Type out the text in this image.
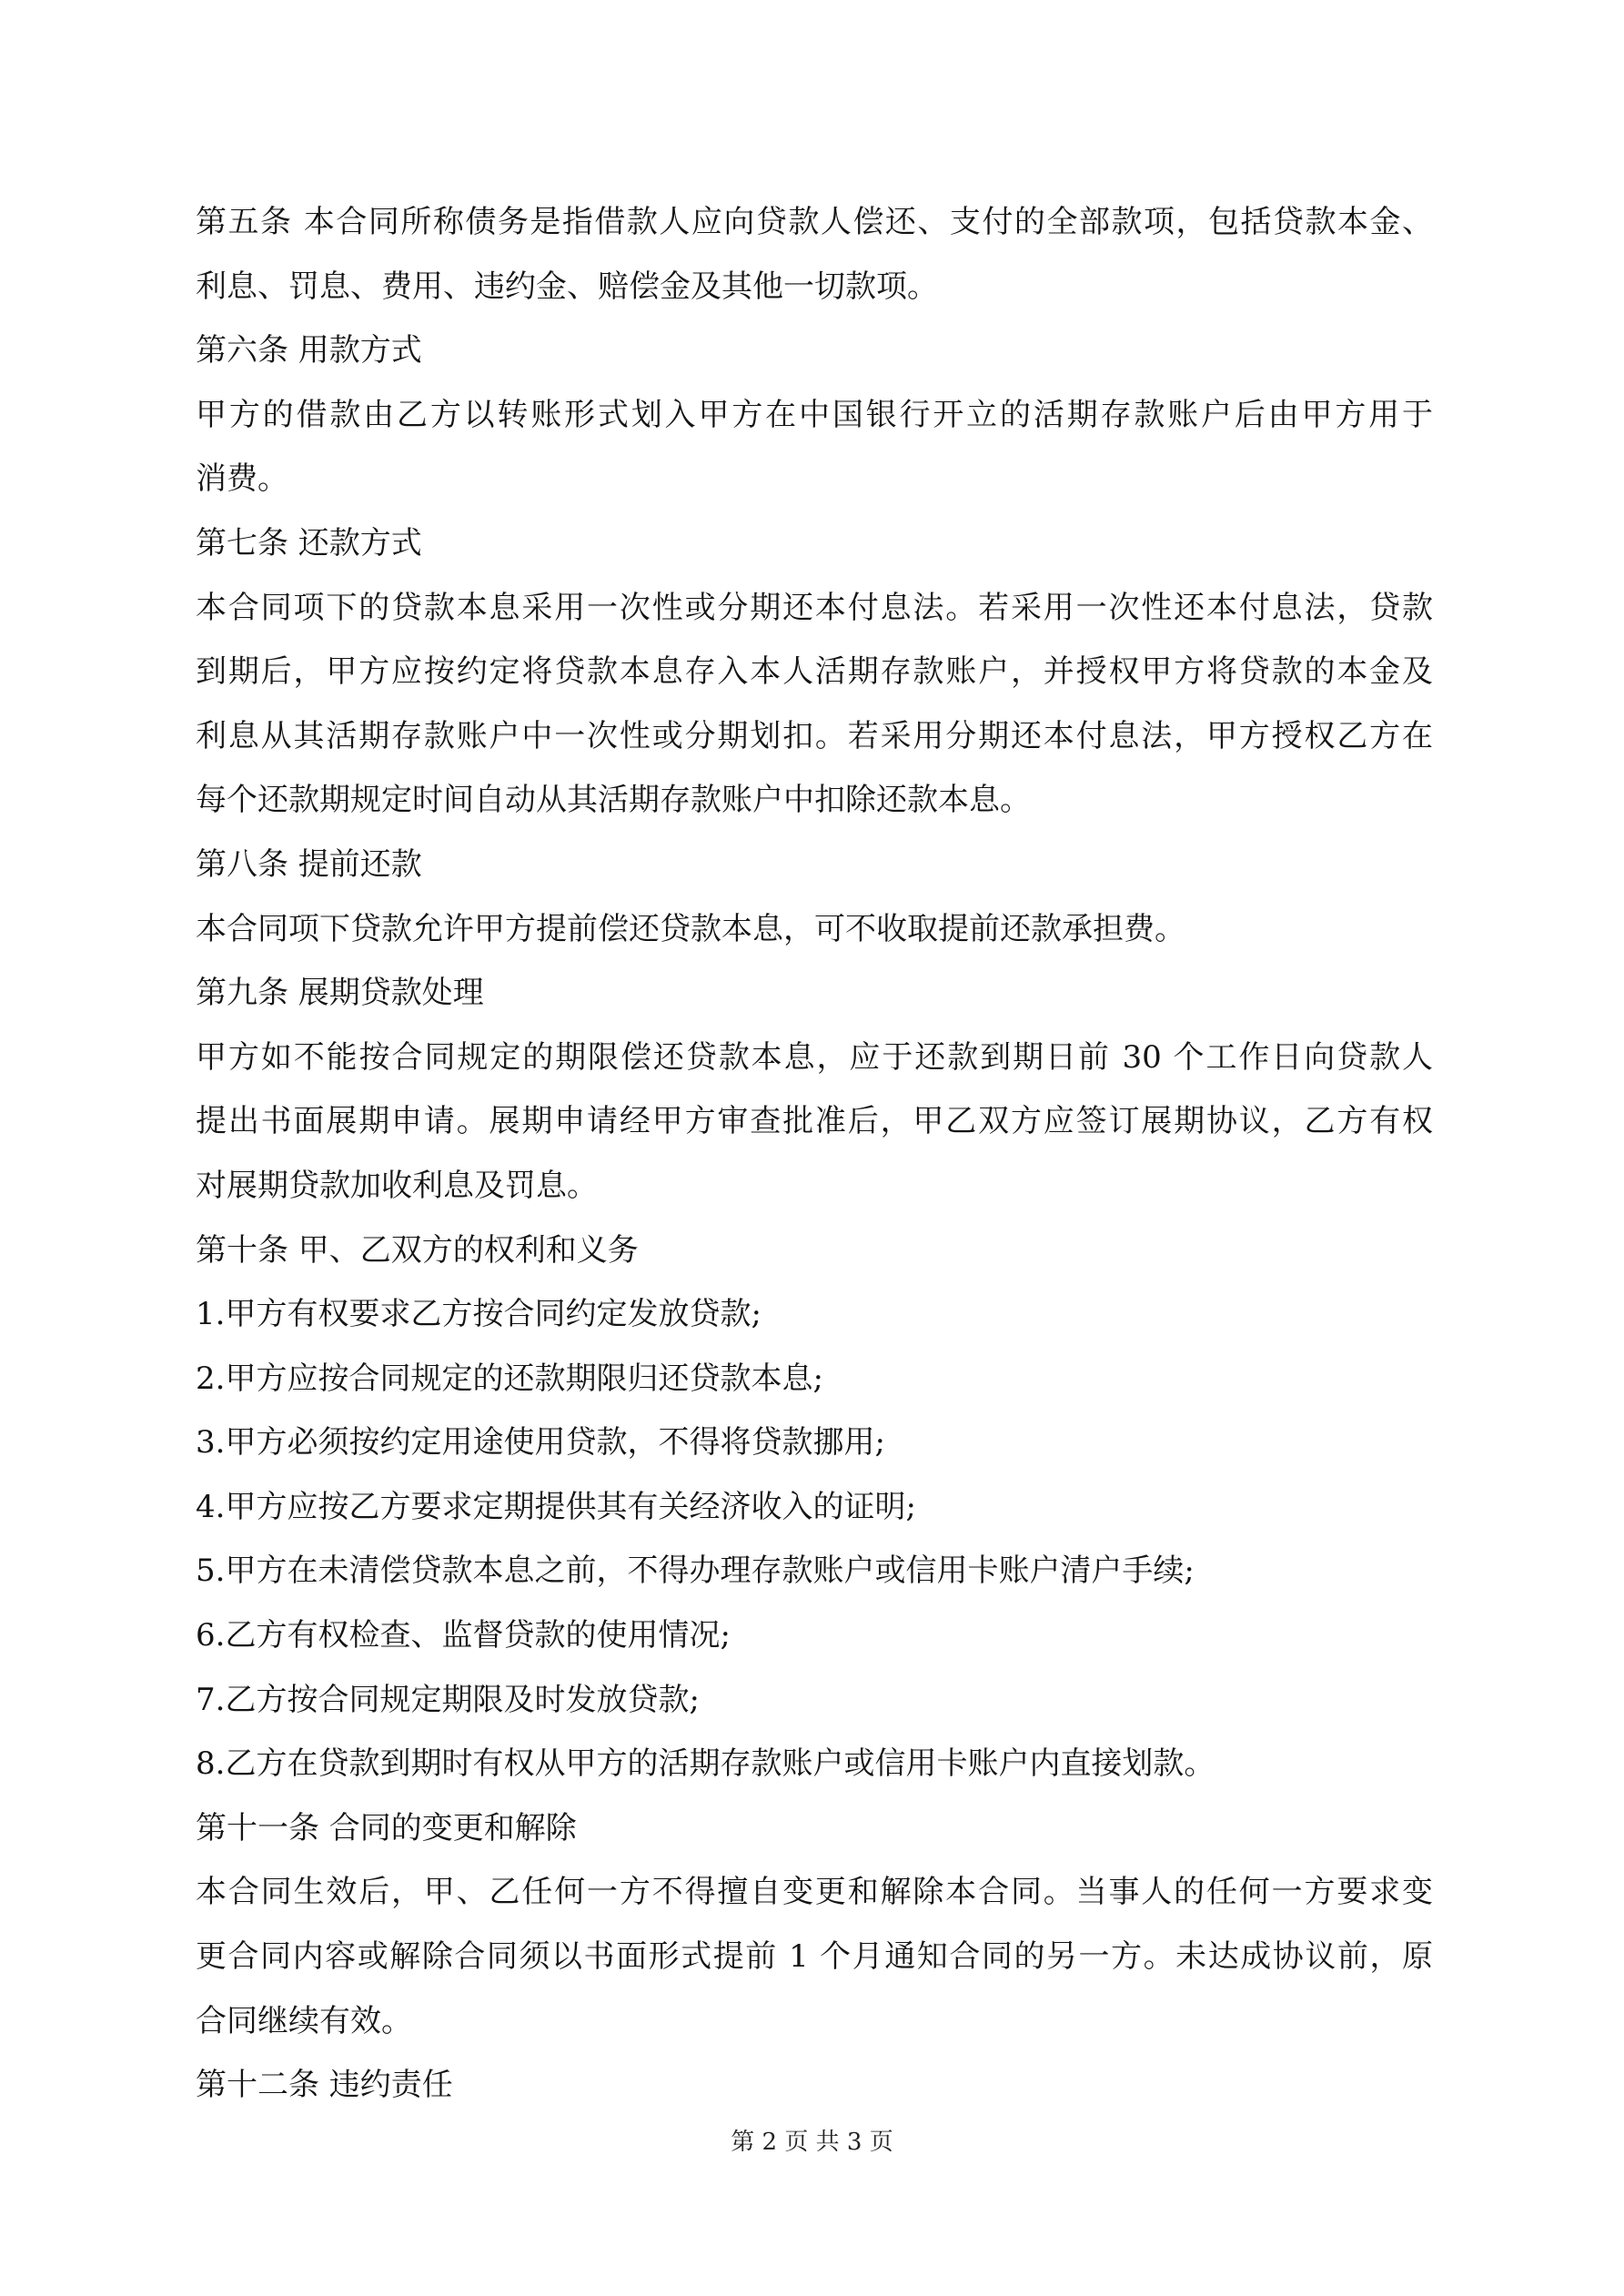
第五条 本合同所称债务是指借款人应向贷款人偿还、支付的全部款项，包括贷款本金、
利息、罚息、费用、违约金、赔偿金及其他一切款项。
第六条 用款方式
甲方的借款由乙方以转账形式划入甲方在中国银行开立的活期存款账户后由甲方用于
消费。
第七条 还款方式
本合同项下的贷款本息采用一次性或分期还本付息法。若采用一次性还本付息法，贷款
到期后，甲方应按约定将贷款本息存入本人活期存款账户，并授权甲方将贷款的本金及
利息从其活期存款账户中一次性或分期划扣。若采用分期还本付息法，甲方授权乙方在
每个还款期规定时间自动从其活期存款账户中扣除还款本息。
第八条 提前还款
本合同项下贷款允许甲方提前偿还贷款本息，可不收取提前还款承担费。
第九条 展期贷款处理
甲方如不能按合同规定的期限偿还贷款本息，应于还款到期日前 30 个工作日向贷款人
提出书面展期申请。展期申请经甲方审查批准后，甲乙双方应签订展期协议，乙方有权
对展期贷款加收利息及罚息。
第十条 甲、乙双方的权利和义务
1.甲方有权要求乙方按合同约定发放贷款;
2.甲方应按合同规定的还款期限归还贷款本息;
3.甲方必须按约定用途使用贷款，不得将贷款挪用;
4.甲方应按乙方要求定期提供其有关经济收入的证明;
5.甲方在未清偿贷款本息之前，不得办理存款账户或信用卡账户清户手续;
6.乙方有权检查、监督贷款的使用情况;
7.乙方按合同规定期限及时发放贷款;
8.乙方在贷款到期时有权从甲方的活期存款账户或信用卡账户内直接划款。
第十一条 合同的变更和解除
本合同生效后，甲、乙任何一方不得擅自变更和解除本合同。当事人的任何一方要求变
更合同内容或解除合同须以书面形式提前 1 个月通知合同的另一方。未达成协议前，原
合同继续有效。
第十二条 违约责任
第 2 页 共 3 页
